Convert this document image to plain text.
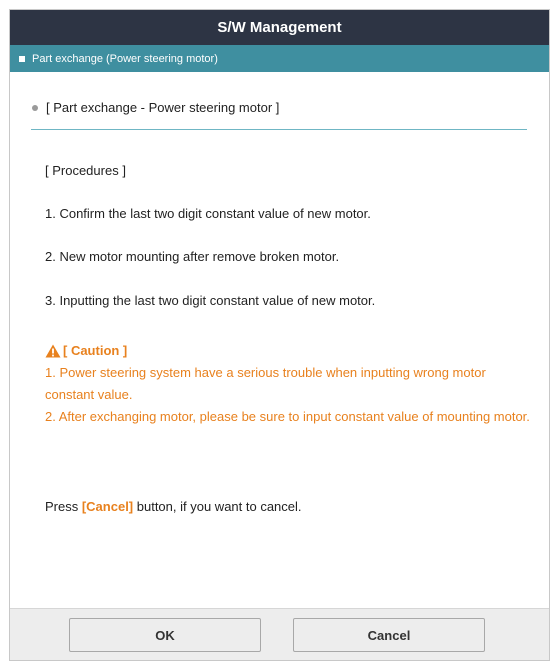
S/W Management
Part exchange (Power steering motor)
[ Part exchange - Power steering motor ]
[ Procedures ]
1. Confirm the last two digit constant value of new motor.
2. New motor mounting after remove broken motor.
3. Inputting the last two digit constant value of new motor.
[ Caution ]
1. Power steering system have a serious trouble when inputting wrong motor constant value.
2. After exchanging motor, please be sure to input constant value of mounting motor.
Press [Cancel] button, if you want to cancel.
OK	Cancel
